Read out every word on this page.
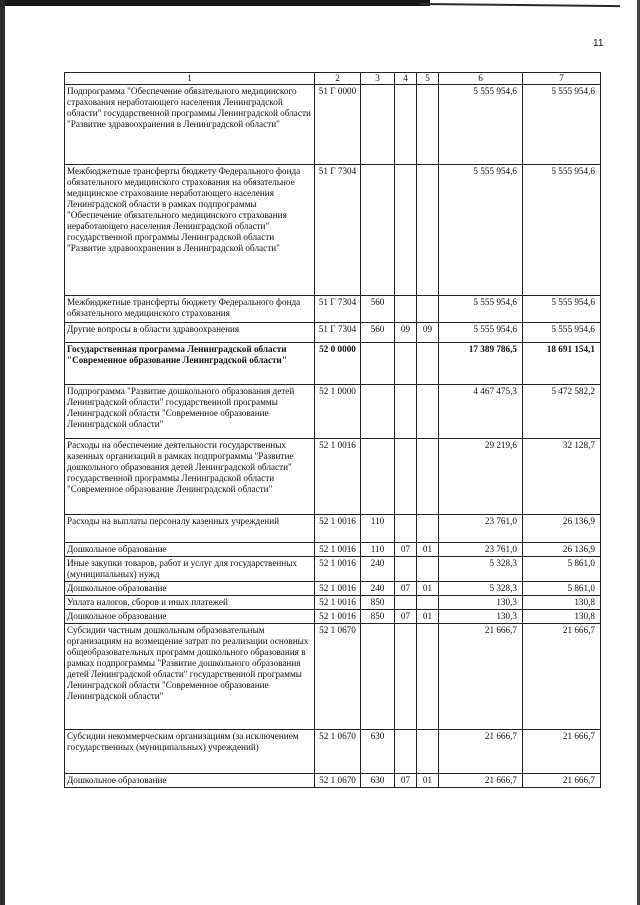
11
1	2	3	4	5	6	7
Подпрограмма "Обеспечение обязательного медицинского страхования неработающего населения Ленинградской области" государственной программы Ленинградской области "Развитие здравоохранения в Ленинградской области"	51 Г 0000				5 555 954,6	5 555 954,6
Межбюджетные трансферты бюджету Федерального фонда обязательного медицинского страхования на обязательное медицинское страхование неработающего населения Ленинградской области в рамках подпрограммы "Обеспечение обязательного медицинского страхования неработающего населения Ленинградской области" государственной программы Ленинградской области "Развитие здравоохранения в Ленинградской области"	51 Г 7304				5 555 954,6	5 555 954,6
Межбюджетные трансферты бюджету Федерального фонда обязательного медицинского страхования	51 Г 7304	560			5 555 954,6	5 555 954,6
Другие вопросы в области здравоохранения	51 Г 7304	560	09	09	5 555 954,6	5 555 954,6
Государственная программа Ленинградской области "Современное образование Ленинградской области"	52 0 0000				17 389 786,5	18 691 154,1
Подпрограмма "Развитие дошкольного образования детей Ленинградской области" государственной программы Ленинградской области "Современное образование Ленинградской области"	52 1 0000				4 467 475,3	5 472 582,2
Расходы на обеспечение деятельности государственных казенных организаций в рамках подпрограммы "Развитие дошкольного образования детей Ленинградской области" государственной программы Ленинградской области "Современное образование Ленинградской области"	52 1 0016				29 219,6	32 128,7
Расходы на выплаты персоналу казенных учреждений	52 1 0016	110			23 761,0	26 136,9
Дошкольное образование	52 1 0016	110	07	01	23 761,0	26 136,9
Иные закупки товаров, работ и услуг для государственных (муниципальных) нужд	52 1 0016	240			5 328,3	5 861,0
Дошкольное образование	52 1 0016	240	07	01	5 328,3	5 861,0
Уплата налогов, сборов и иных платежей	52 1 0016	850			130,3	130,8
Дошкольное образование	52 1 0016	850	07	01	130,3	130,8
Субсидии частным дошкольным образовательным организациям на возмещение затрат по реализации основных общеобразовательных программ дошкольного образования в рамках подпрограммы "Развитие дошкольного образования детей Ленинградской области" государственной программы Ленинградской области "Современное образование Ленинградской области"	52 1 0670				21 666,7	21 666,7
Субсидии некоммерческим организациям (за исключением государственных (муниципальных) учреждений)	52 1 0670	630			21 666,7	21 666,7
Дошкольное образование	52 1 0670	630	07	01	21 666,7	21 666,7
